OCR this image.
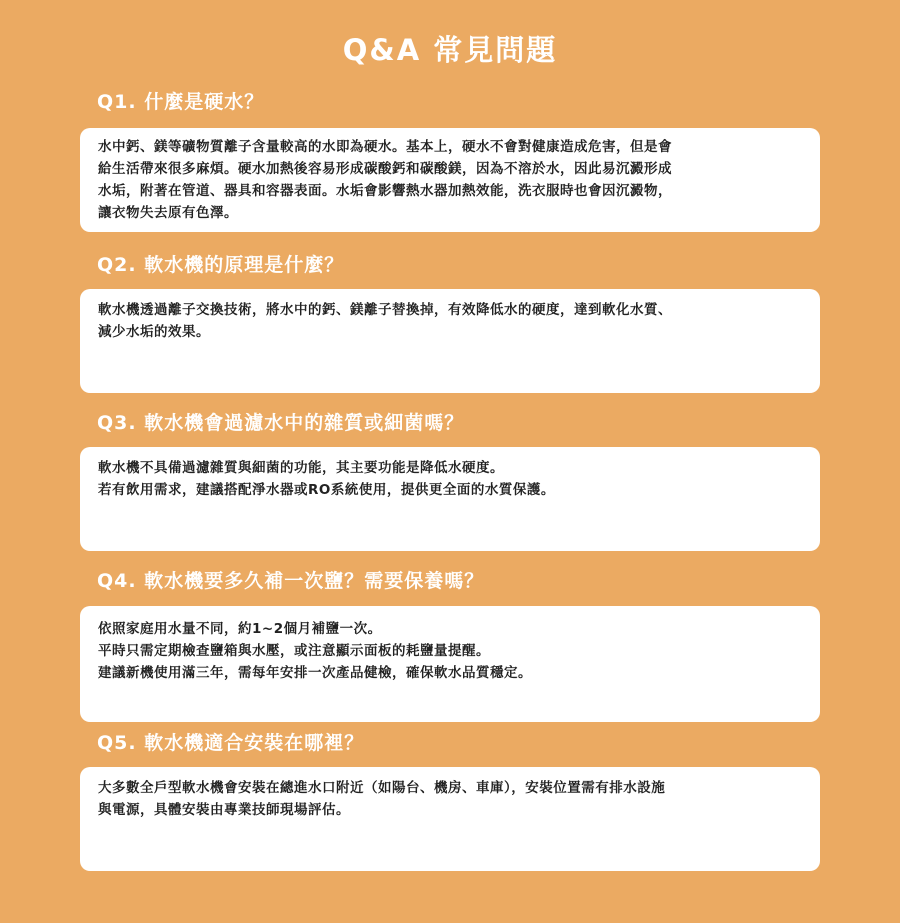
Q&A 常見問題
Q1. 什麼是硬水？
水中鈣、鎂等礦物質離子含量較高的水即為硬水。基本上，硬水不會對健康造成危害，但是會
給生活帶來很多麻煩。硬水加熱後容易形成碳酸鈣和碳酸鎂，因為不溶於水，因此易沉澱形成
水垢，附著在管道、器具和容器表面。水垢會影響熱水器加熱效能，洗衣服時也會因沉澱物，
讓衣物失去原有色澤。
Q2. 軟水機的原理是什麼？
軟水機透過離子交換技術，將水中的鈣、鎂離子替換掉，有效降低水的硬度，達到軟化水質、
減少水垢的效果。
Q3. 軟水機會過濾水中的雜質或細菌嗎？
軟水機不具備過濾雜質與細菌的功能，其主要功能是降低水硬度。
若有飲用需求，建議搭配淨水器或RO系統使用，提供更全面的水質保護。
Q4. 軟水機要多久補一次鹽？需要保養嗎？
依照家庭用水量不同，約1~2個月補鹽一次。
平時只需定期檢查鹽箱與水壓，或注意顯示面板的耗鹽量提醒。
建議新機使用滿三年，需每年安排一次產品健檢，確保軟水品質穩定。
Q5. 軟水機適合安裝在哪裡？
大多數全戶型軟水機會安裝在總進水口附近（如陽台、機房、車庫），安裝位置需有排水設施
與電源，具體安裝由專業技師現場評估。
